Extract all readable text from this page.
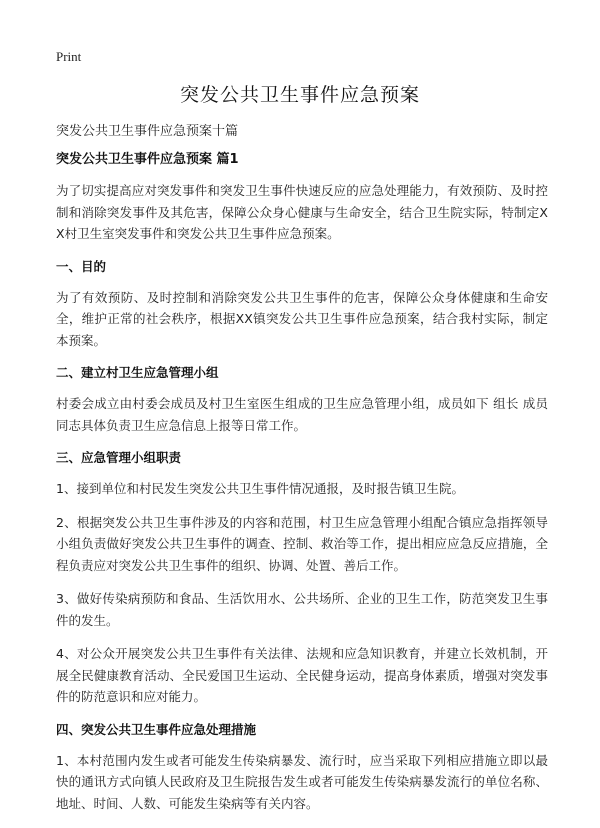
Print
突发公共卫生事件应急预案

突发公共卫生事件应急预案十篇

突发公共卫生事件应急预案 篇1

为了切实提高应对突发事件和突发卫生事件快速反应的应急处理能力，有效预防、及时控制和消除突发事件及其危害，保障公众身心健康与生命安全，结合卫生院实际，特制定XX村卫生室突发事件和突发公共卫生事件应急预案。

一、目的

为了有效预防、及时控制和消除突发公共卫生事件的危害，保障公众身体健康和生命安全，维护正常的社会秩序，根据XX镇突发公共卫生事件应急预案，结合我村实际，制定本预案。

二、建立村卫生应急管理小组

村委会成立由村委会成员及村卫生室医生组成的卫生应急管理小组，成员如下 组长 成员同志具体负责卫生应急信息上报等日常工作。

三、应急管理小组职责

1、接到单位和村民发生突发公共卫生事件情况通报，及时报告镇卫生院。

2、根据突发公共卫生事件涉及的内容和范围，村卫生应急管理小组配合镇应急指挥领导小组负责做好突发公共卫生事件的调查、控制、救治等工作，提出相应应急反应措施，全程负责应对突发公共卫生事件的组织、协调、处置、善后工作。

3、做好传染病预防和食品、生活饮用水、公共场所、企业的卫生工作，防范突发卫生事件的发生。

4、对公众开展突发公共卫生事件有关法律、法规和应急知识教育，并建立长效机制，开展全民健康教育活动、全民爱国卫生运动、全民健身运动，提高身体素质，增强对突发事件的防范意识和应对能力。

四、突发公共卫生事件应急处理措施

1、本村范围内发生或者可能发生传染病暴发、流行时，应当采取下列相应措施立即以最快的通讯方式向镇人民政府及卫生院报告发生或者可能发生传染病暴发流行的单位名称、地址、时间、人数、可能发生染病等有关内容。
